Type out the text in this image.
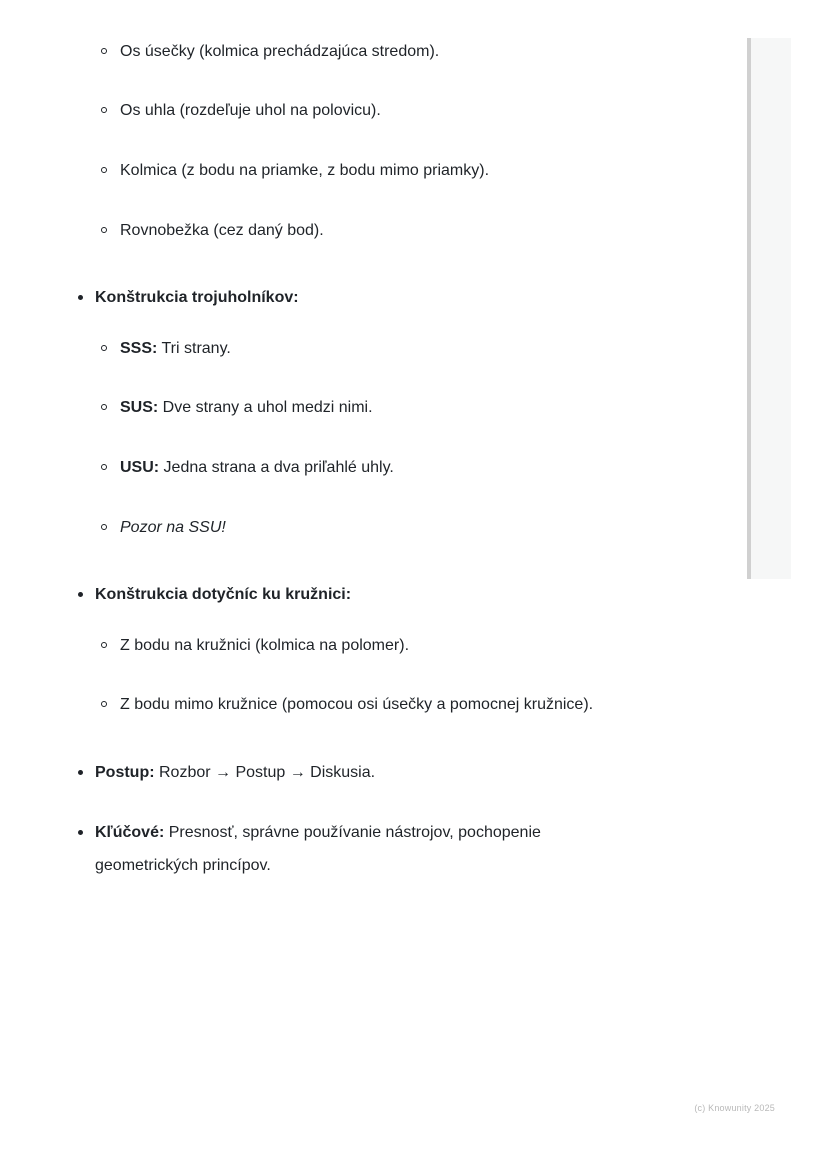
Os úsečky (kolmica prechádzajúca stredom).
Os uhla (rozdeľuje uhol na polovicu).
Kolmica (z bodu na priamke, z bodu mimo priamky).
Rovnobežka (cez daný bod).
Konštrukcia trojuholníkov:
SSS: Tri strany.
SUS: Dve strany a uhol medzi nimi.
USU: Jedna strana a dva priľahlé uhly.
Pozor na SSU!
Konštrukcia dotyčníc ku kružnici:
Z bodu na kružnici (kolmica na polomer).
Z bodu mimo kružnice (pomocou osi úsečky a pomocnej kružnice).
Postup: Rozbor → Postup → Diskusia.
Kľúčové: Presnosť, správne používanie nástrojov, pochopenie
geometrických princípov.
(c) Knowunity 2025
